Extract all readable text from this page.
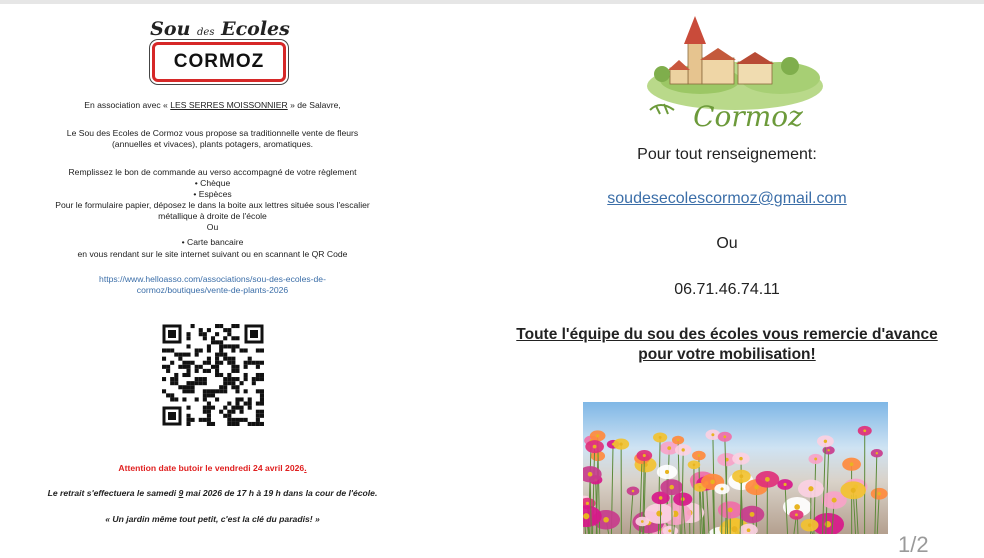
Sou des Ecoles
CORMOZ
En association avec « LES SERRES MOISSONNIER » de Salavre,
Le Sou des Ecoles de Cormoz vous propose sa traditionnelle vente de fleurs
(annuelles et vivaces), plants potagers, aromatiques.
Remplissez le bon de commande au verso accompagné de votre règlement
• Chèque
• Espèces
Pour le formulaire papier, déposez le dans la boite aux lettres située sous l'escalier
métallique à droite de l'école
Ou
• Carte bancaire
en vous rendant sur le site internet suivant ou en scannant le QR Code
https://www.helloasso.com/associations/sou-des-ecoles-de-
cormoz/boutiques/vente-de-plants-2026
Attention date butoir le vendredi 24 avril 2026.
Le retrait s'effectuera le samedi 9 mai 2026 de 17 h à 19 h dans la cour de l'école.
« Un jardin même tout petit, c'est la clé du paradis! »
Cormoz
Pour tout renseignement:
soudesecolescormoz@gmail.com
Ou
06.71.46.74.11
Toute l'équipe du sou des écoles vous remercie d'avance
pour votre mobilisation!
1/2
